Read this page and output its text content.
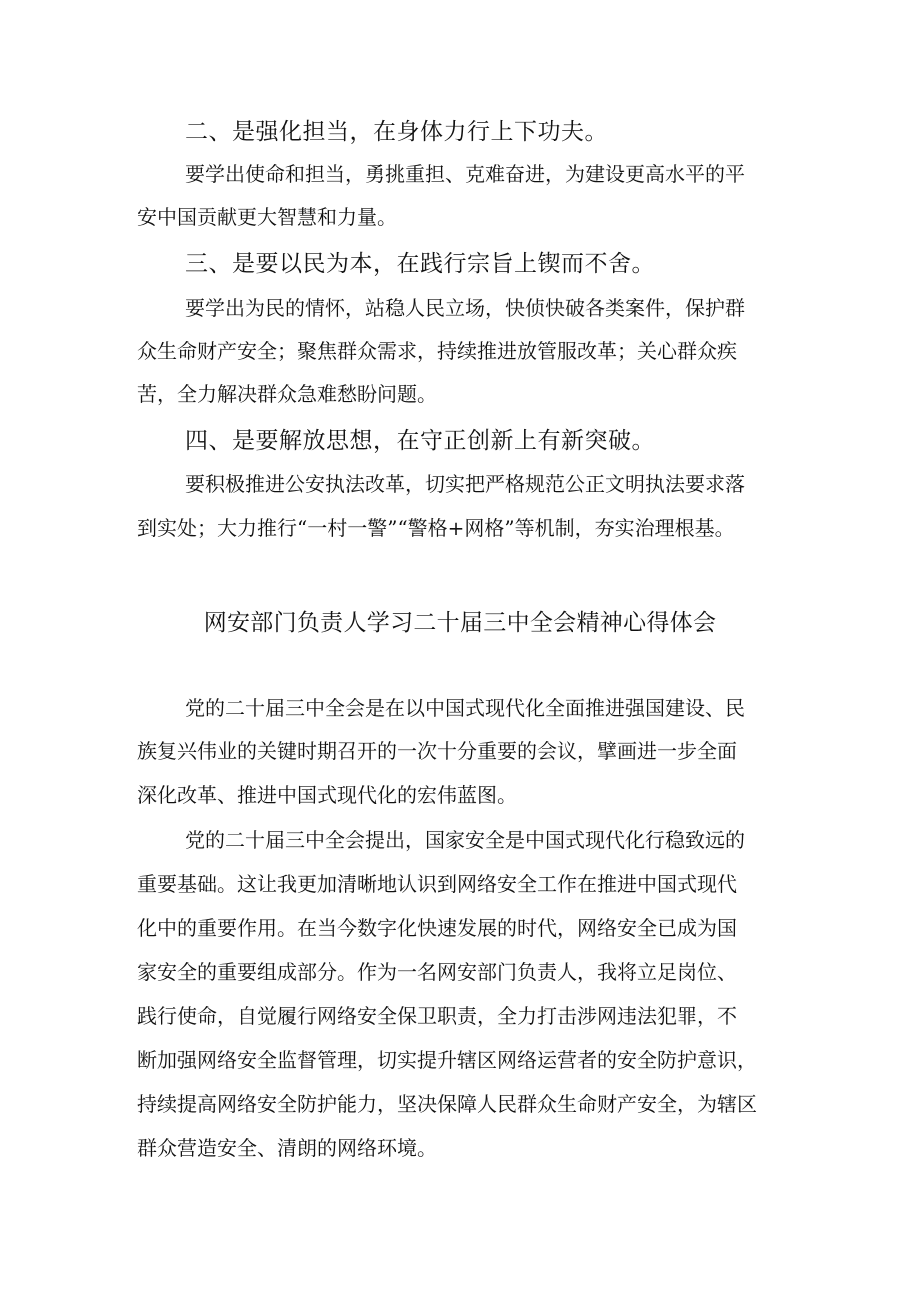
二、是强化担当，在身体力行上下功夫。
要学出使命和担当，勇挑重担、克难奋进，为建设更高水平的平
安中国贡献更大智慧和力量。
三、是要以民为本，在践行宗旨上锲而不舍。
要学出为民的情怀，站稳人民立场，快侦快破各类案件，保护群
众生命财产安全；聚焦群众需求，持续推进放管服改革；关心群众疾
苦，全力解决群众急难愁盼问题。
四、是要解放思想，在守正创新上有新突破。
要积极推进公安执法改革，切实把严格规范公正文明执法要求落
到实处；大力推行“一村一警”“警格+网格”等机制，夯实治理根基。
网安部门负责人学习二十届三中全会精神心得体会
党的二十届三中全会是在以中国式现代化全面推进强国建设、民
族复兴伟业的关键时期召开的一次十分重要的会议，擘画进一步全面
深化改革、推进中国式现代化的宏伟蓝图。
党的二十届三中全会提出，国家安全是中国式现代化行稳致远的
重要基础。这让我更加清晰地认识到网络安全工作在推进中国式现代
化中的重要作用。在当今数字化快速发展的时代，网络安全已成为国
家安全的重要组成部分。作为一名网安部门负责人，我将立足岗位、
践行使命，自觉履行网络安全保卫职责，全力打击涉网违法犯罪，不
断加强网络安全监督管理，切实提升辖区网络运营者的安全防护意识，
持续提高网络安全防护能力，坚决保障人民群众生命财产安全，为辖区
群众营造安全、清朗的网络环境。
